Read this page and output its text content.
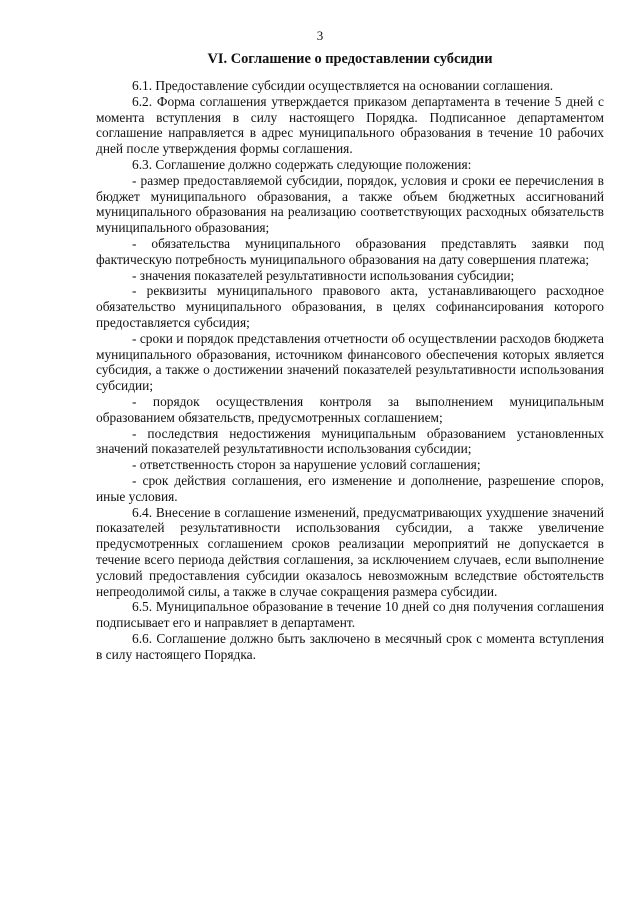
3
VI. Соглашение о предоставлении субсидии

6.1. Предоставление субсидии осуществляется на основании соглашения.

6.2. Форма соглашения утверждается приказом департамента в течение 5 дней с момента вступления в силу настоящего Порядка. Подписанное департаментом соглашение направляется в адрес муниципального образования в течение 10 рабочих дней после утверждения формы соглашения.

6.3. Соглашение должно содержать следующие положения:

- размер предоставляемой субсидии, порядок, условия и сроки ее перечисления в бюджет муниципального образования, а также объем бюджетных ассигнований муниципального образования на реализацию соответствующих расходных обязательств муниципального образования;

- обязательства муниципального образования представлять заявки под фактическую потребность муниципального образования на дату совершения платежа;

- значения показателей результативности использования субсидии;

- реквизиты муниципального правового акта, устанавливающего расходное обязательство муниципального образования, в целях софинансирования которого предоставляется субсидия;

- сроки и порядок представления отчетности об осуществлении расходов бюджета муниципального образования, источником финансового обеспечения которых является субсидия, а также о достижении значений показателей результативности использования субсидии;

- порядок осуществления контроля за выполнением муниципальным образованием обязательств, предусмотренных соглашением;

- последствия недостижения муниципальным образованием установленных значений показателей результативности использования субсидии;

- ответственность сторон за нарушение условий соглашения;

- срок действия соглашения, его изменение и дополнение, разрешение споров, иные условия.

6.4. Внесение в соглашение изменений, предусматривающих ухудшение значений показателей результативности использования субсидии, а также увеличение предусмотренных соглашением сроков реализации мероприятий не допускается в течение всего периода действия соглашения, за исключением случаев, если выполнение условий предоставления субсидии оказалось невозможным вследствие обстоятельств непреодолимой силы, а также в случае сокращения размера субсидии.

6.5. Муниципальное образование в течение 10 дней со дня получения соглашения подписывает его и направляет в департамент.

6.6. Соглашение должно быть заключено в месячный срок с момента вступления в силу настоящего Порядка.
